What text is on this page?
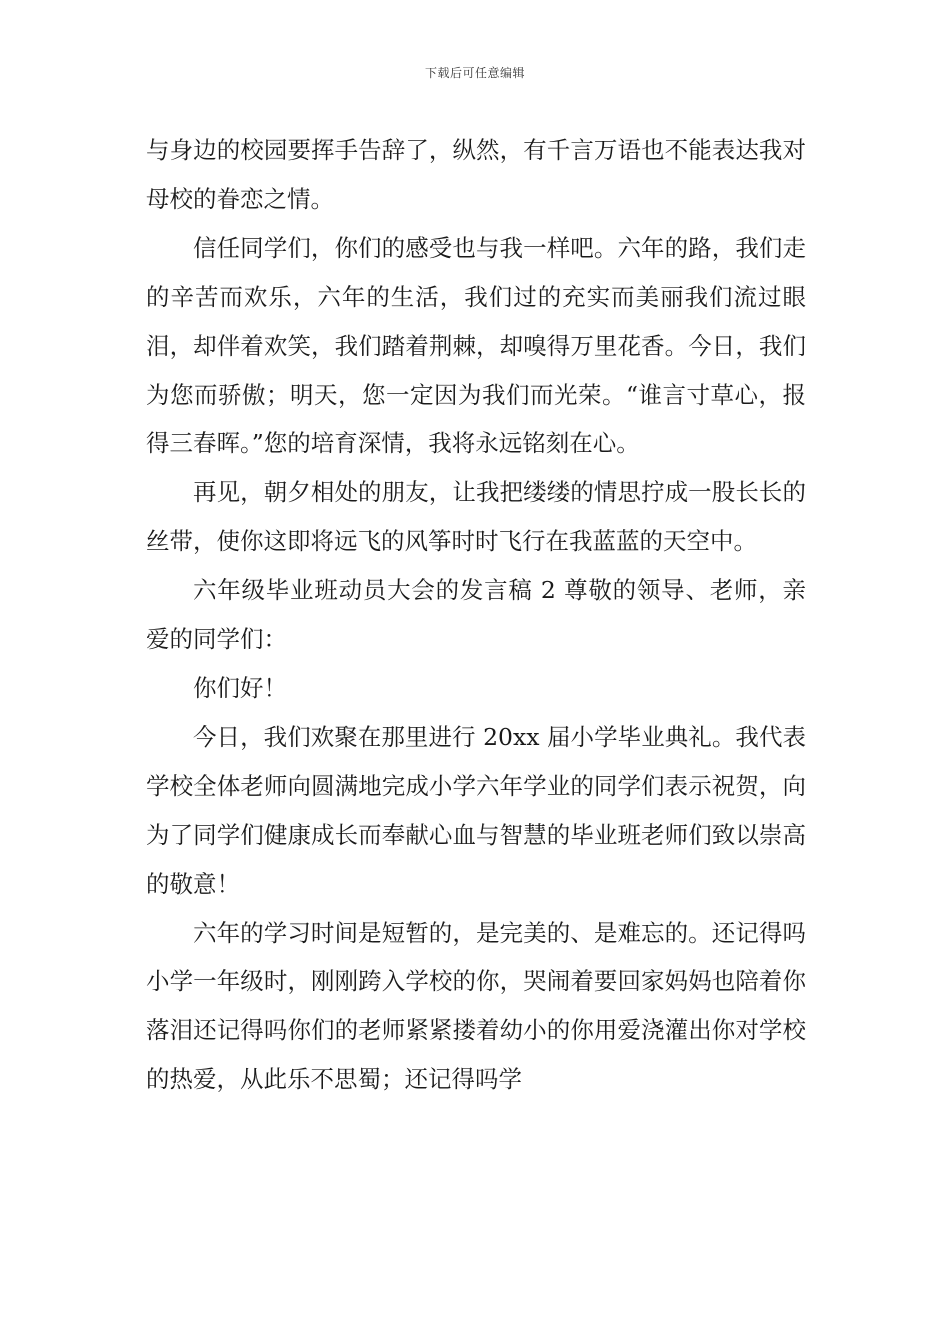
下载后可任意编辑

与身边的校园要挥手告辞了，纵然，有千言万语也不能表达我对母校的眷恋之情。

信任同学们，你们的感受也与我一样吧。六年的路，我们走的辛苦而欢乐，六年的生活，我们过的充实而美丽我们流过眼泪，却伴着欢笑，我们踏着荆棘，却嗅得万里花香。今日，我们为您而骄傲；明天，您一定因为我们而光荣。“谁言寸草心，报得三春晖。”您的培育深情，我将永远铭刻在心。

再见，朝夕相处的朋友，让我把缕缕的情思拧成一股长长的丝带，使你这即将远飞的风筝时时飞行在我蓝蓝的天空中。

六年级毕业班动员大会的发言稿 2 尊敬的领导、老师，亲爱的同学们：

你们好！

今日，我们欢聚在那里进行 20xx 届小学毕业典礼。我代表学校全体老师向圆满地完成小学六年学业的同学们表示祝贺，向为了同学们健康成长而奉献心血与智慧的毕业班老师们致以崇高的敬意！

六年的学习时间是短暂的，是完美的、是难忘的。还记得吗小学一年级时，刚刚跨入学校的你，哭闹着要回家妈妈也陪着你落泪还记得吗你们的老师紧紧搂着幼小的你用爱浇灌出你对学校的热爱，从此乐不思蜀；还记得吗学
